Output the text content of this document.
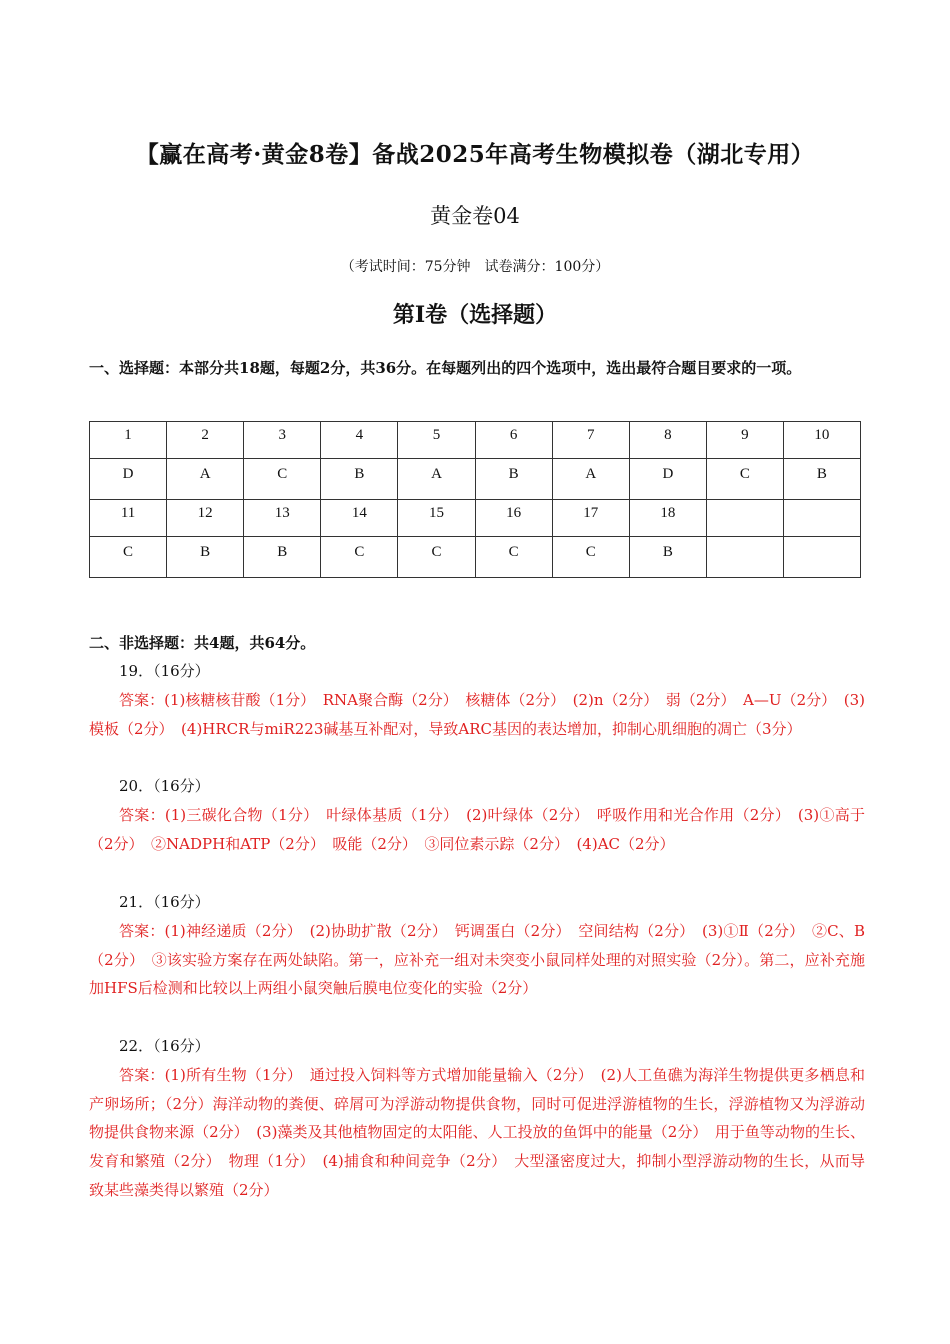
【赢在高考·黄金8卷】备战2025年高考生物模拟卷（湖北专用）
黄金卷04
（考试时间：75分钟　试卷满分：100分）
第Ⅰ卷（选择题）
一、选择题：本部分共18题，每题2分，共36分。在每题列出的四个选项中，选出最符合题目要求的一项。
1	2	3	4	5	6	7	8	9	10
D	A	C	B	A	B	A	D	C	B
11	12	13	14	15	16	17	18		
C	B	B	C	C	C	C	B		
二、非选择题：共4题，共64分。
19．（16分）
答案：(1)核糖核苷酸（1分）　RNA聚合酶（2分）　核糖体（2分）　(2)n（2分）　弱（2分）　A—U（2分）　(3)模板（2分）　(4)HRCR与miR223碱基互补配对，导致ARC基因的表达增加，抑制心肌细胞的凋亡（3分）
20．（16分）
答案：(1)三碳化合物（1分）　叶绿体基质（1分）　(2)叶绿体（2分）　呼吸作用和光合作用（2分）　(3)①高于（2分）　②NADPH和ATP（2分）　吸能（2分）　③同位素示踪（2分）　(4)AC（2分）
21．（16分）
答案：(1)神经递质（2分）　(2)协助扩散（2分）　钙调蛋白（2分）　空间结构（2分）　(3)①Ⅱ（2分）　②C、B（2分）　③该实验方案存在两处缺陷。第一，应补充一组对未突变小鼠同样处理的对照实验（2分）。第二，应补充施加HFS后检测和比较以上两组小鼠突触后膜电位变化的实验（2分）
22．（16分）
答案：(1)所有生物（1分）　通过投入饲料等方式增加能量输入（2分）　(2)人工鱼礁为海洋生物提供更多栖息和产卵场所；（2分）海洋动物的粪便、碎屑可为浮游动物提供食物，同时可促进浮游植物的生长，浮游植物又为浮游动物提供食物来源（2分）　(3)藻类及其他植物固定的太阳能、人工投放的鱼饵中的能量（2分）　用于鱼等动物的生长、发育和繁殖（2分）　物理（1分）　(4)捕食和种间竞争（2分）　大型溞密度过大，抑制小型浮游动物的生长，从而导致某些藻类得以繁殖（2分）
